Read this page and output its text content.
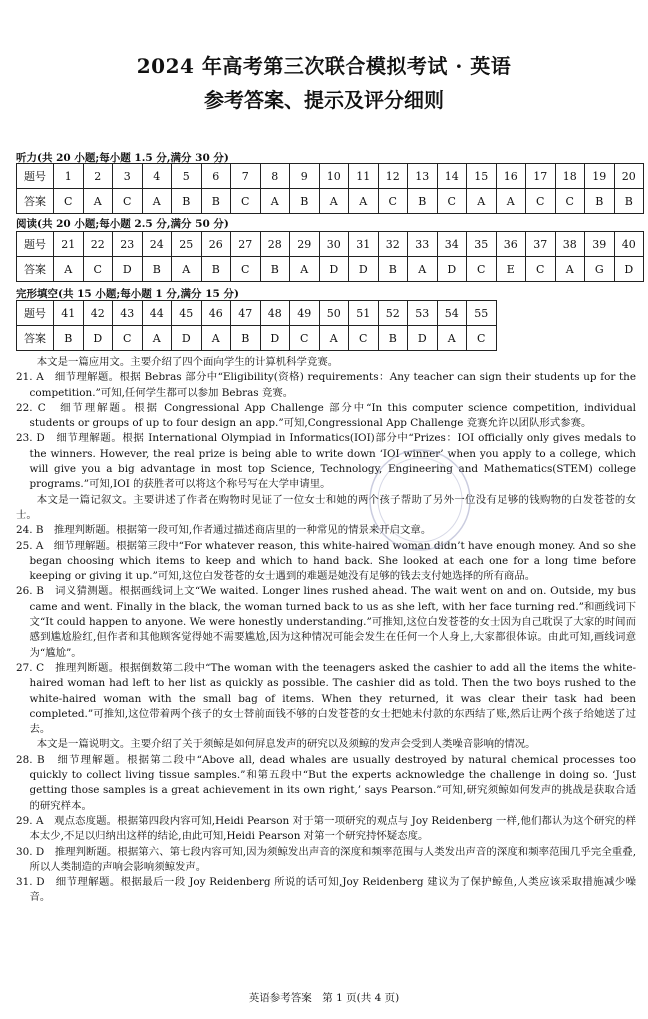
2024 年高考第三次联合模拟考试 · 英语
参考答案、提示及评分细则
听力(共 20 小题;每小题 1.5 分,满分 30 分)
题号	1	2	3	4	5	6	7	8	9	10	11	12	13	14	15	16	17	18	19	20
答案	C	A	C	A	B	B	C	A	B	A	A	C	B	C	A	A	C	C	B	B
阅读(共 20 小题;每小题 2.5 分,满分 50 分)
题号	21	22	23	24	25	26	27	28	29	30	31	32	33	34	35	36	37	38	39	40
答案	A	C	D	B	A	B	C	B	A	D	D	B	A	D	C	E	C	A	G	D
完形填空(共 15 小题;每小题 1 分,满分 15 分)
题号	41	42	43	44	45	46	47	48	49	50	51	52	53	54	55
答案	B	D	C	A	D	A	B	D	C	A	C	B	D	A	C

本文是一篇应用文。主要介绍了四个面向学生的计算机科学竞赛。

21. A　细节理解题。根据 Bebras 部分中“Eligibility(资格) requirements：Any teacher can sign their students up for the competition.”可知,任何学生都可以参加 Bebras 竞赛。

22. C　细节理解题。根据 Congressional App Challenge 部分中“In this computer science competition, individual students or groups of up to four design an app.”可知,Congressional App Challenge 竞赛允许以团队形式参赛。

23. D　细节理解题。根据 International Olympiad in Informatics(IOI)部分中“Prizes：IOI officially only gives medals to the winners. However, the real prize is being able to write down ‘IOI winner’ when you apply to a college, which will give you a big advantage in most top Science, Technology, Engineering and Mathematics(STEM) college programs.”可知,IOI 的获胜者可以将这个称号写在大学申请里。

本文是一篇记叙文。主要讲述了作者在购物时见证了一位女士和她的两个孩子帮助了另外一位没有足够的钱购物的白发苍苍的女士。

24. B　推理判断题。根据第一段可知,作者通过描述商店里的一种常见的情景来开启文章。

25. A　细节理解题。根据第三段中“For whatever reason, this white-haired woman didn’t have enough money. And so she began choosing which items to keep and which to hand back. She looked at each one for a long time before keeping or giving it up.”可知,这位白发苍苍的女士遇到的难题是她没有足够的钱去支付她选择的所有商品。

26. B　词义猜测题。根据画线词上文“We waited. Longer lines rushed ahead. The wait went on and on. Outside, my bus came and went. Finally in the black, the woman turned back to us as she left, with her face turning red.”和画线词下文“It could happen to anyone. We were honestly understanding.”可推知,这位白发苍苍的女士因为自己耽误了大家的时间而感到尴尬脸红,但作者和其他顾客觉得她不需要尴尬,因为这种情况可能会发生在任何一个人身上,大家都很体谅。由此可知,画线词意为“尴尬”。

27. C　推理判断题。根据倒数第二段中“The woman with the teenagers asked the cashier to add all the items the white-haired woman had left to her list as quickly as possible. The cashier did as told. Then the two boys rushed to the white-haired woman with the small bag of items. When they returned, it was clear their task had been completed.”可推知,这位带着两个孩子的女士替前面钱不够的白发苍苍的女士把她未付款的东西结了账,然后让两个孩子给她送了过去。

本文是一篇说明文。主要介绍了关于须鲸是如何屏息发声的研究以及须鲸的发声会受到人类噪音影响的情况。

28. B　细节理解题。根据第二段中“Above all, dead whales are usually destroyed by natural chemical processes too quickly to collect living tissue samples.”和第五段中“But the experts acknowledge the challenge in doing so. ‘Just getting those samples is a great achievement in its own right,’ says Pearson.”可知,研究须鲸如何发声的挑战是获取合适的研究样本。

29. A　观点态度题。根据第四段内容可知,Heidi Pearson 对于第一项研究的观点与 Joy Reidenberg 一样,他们都认为这个研究的样本太少,不足以归纳出这样的结论,由此可知,Heidi Pearson 对第一个研究持怀疑态度。

30. D　推理判断题。根据第六、第七段内容可知,因为须鲸发出声音的深度和频率范围与人类发出声音的深度和频率范围几乎完全重叠,所以人类制造的声响会影响须鲸发声。

31. D　细节理解题。根据最后一段 Joy Reidenberg 所说的话可知,Joy Reidenberg 建议为了保护鲸鱼,人类应该采取措施减少噪音。

英语参考答案　第 1 页(共 4 页)
